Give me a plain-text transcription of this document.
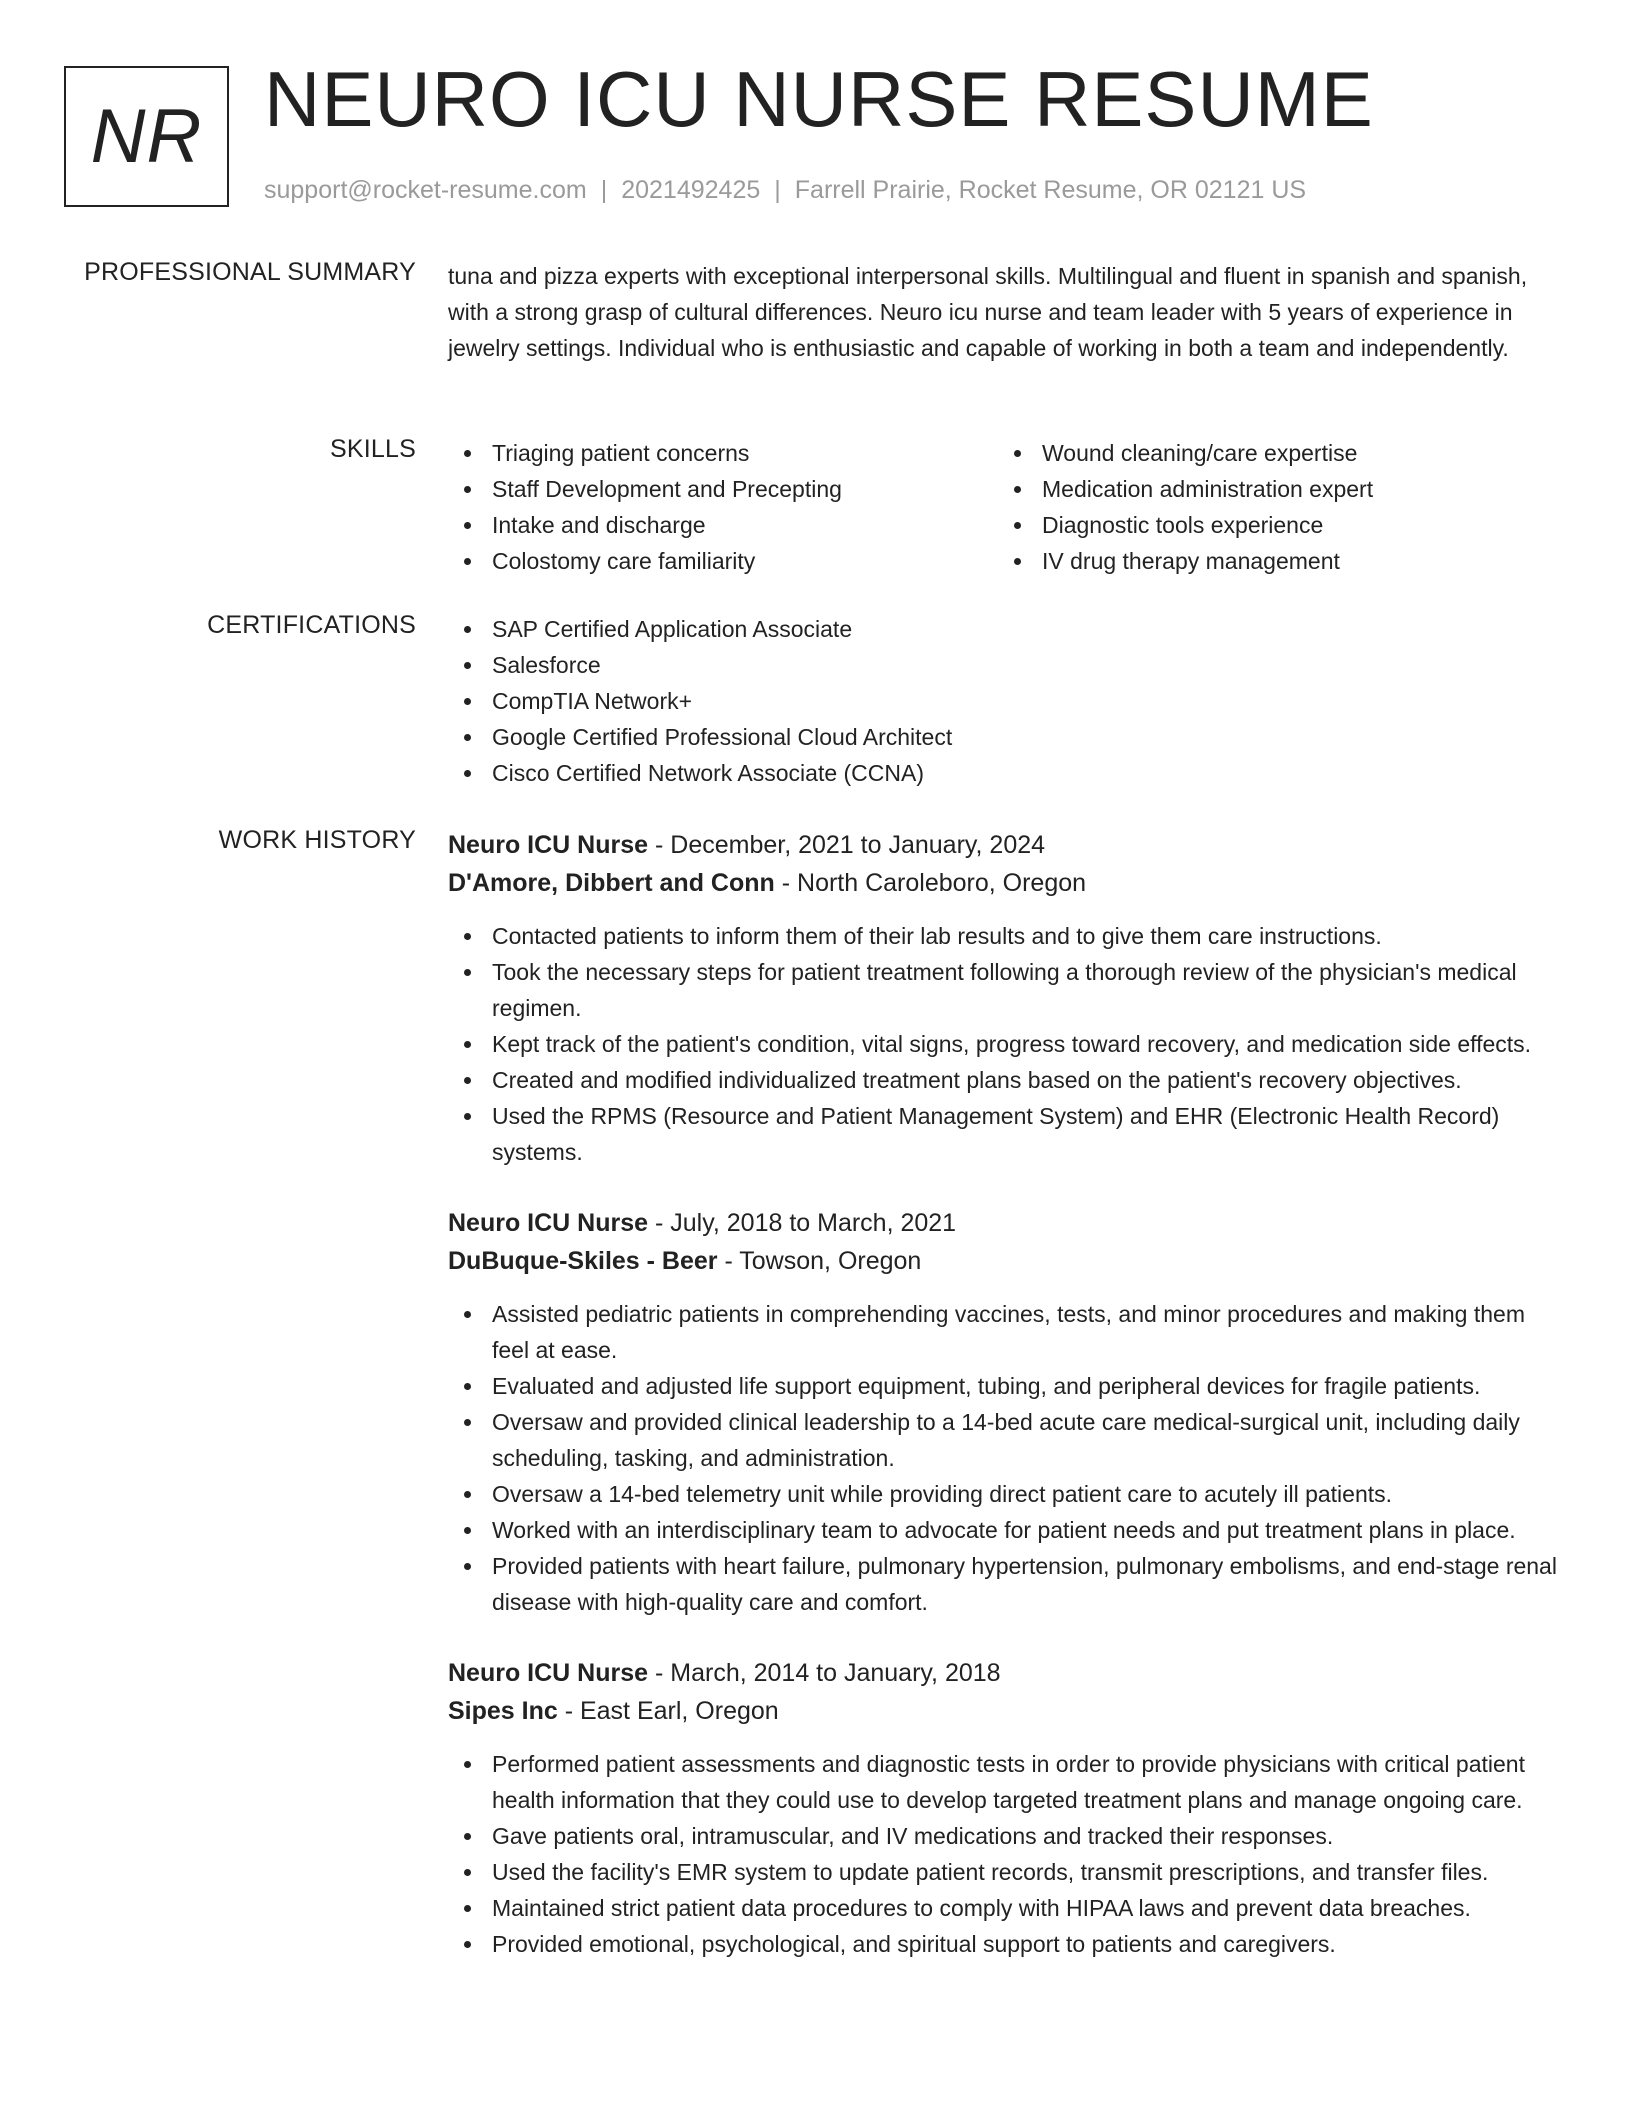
NR NEURO ICU NURSE RESUME
support@rocket-resume.com | 2021492425 | Farrell Prairie, Rocket Resume, OR 02121 US
PROFESSIONAL SUMMARY tuna and pizza experts with exceptional interpersonal skills. Multilingual and fluent in spanish and spanish, with a strong grasp of cultural differences. Neuro icu nurse and team leader with 5 years of experience in jewelry settings. Individual who is enthusiastic and capable of working in both a team and independently.

SKILLS	Triaging patient concerns
Staff Development and Precepting
Intake and discharge
Colostomy care familiarity
Wound cleaning/care expertise
Medication administration expert
Diagnostic tools experience
IV drug therapy management
CERTIFICATIONS	SAP Certified Application Associate
Salesforce
CompTIA Network+
Google Certified Professional Cloud Architect
Cisco Certified Network Associate (CCNA)
WORK HISTORY Neuro ICU Nurse - December, 2021 to January, 2024
D'Amore, Dibbert and Conn - North Caroleboro, Oregon
Contacted patients to inform them of their lab results and to give them care instructions.
Took the necessary steps for patient treatment following a thorough review of the physician's medical regimen.
Kept track of the patient's condition, vital signs, progress toward recovery, and medication side effects.
Created and modified individualized treatment plans based on the patient's recovery objectives.
Used the RPMS (Resource and Patient Management System) and EHR (Electronic Health Record) systems.
Neuro ICU Nurse - July, 2018 to March, 2021
DuBuque-Skiles - Beer - Towson, Oregon
Assisted pediatric patients in comprehending vaccines, tests, and minor procedures and making them feel at ease.
Evaluated and adjusted life support equipment, tubing, and peripheral devices for fragile patients.
Oversaw and provided clinical leadership to a 14-bed acute care medical-surgical unit, including daily scheduling, tasking, and administration.
Oversaw a 14-bed telemetry unit while providing direct patient care to acutely ill patients.
Worked with an interdisciplinary team to advocate for patient needs and put treatment plans in place.
Provided patients with heart failure, pulmonary hypertension, pulmonary embolisms, and end-stage renal disease with high-quality care and comfort.
Neuro ICU Nurse - March, 2014 to January, 2018
Sipes Inc - East Earl, Oregon
Performed patient assessments and diagnostic tests in order to provide physicians with critical patient health information that they could use to develop targeted treatment plans and manage ongoing care.
Gave patients oral, intramuscular, and IV medications and tracked their responses.
Used the facility's EMR system to update patient records, transmit prescriptions, and transfer files.
Maintained strict patient data procedures to comply with HIPAA laws and prevent data breaches.
Provided emotional, psychological, and spiritual support to patients and caregivers.
